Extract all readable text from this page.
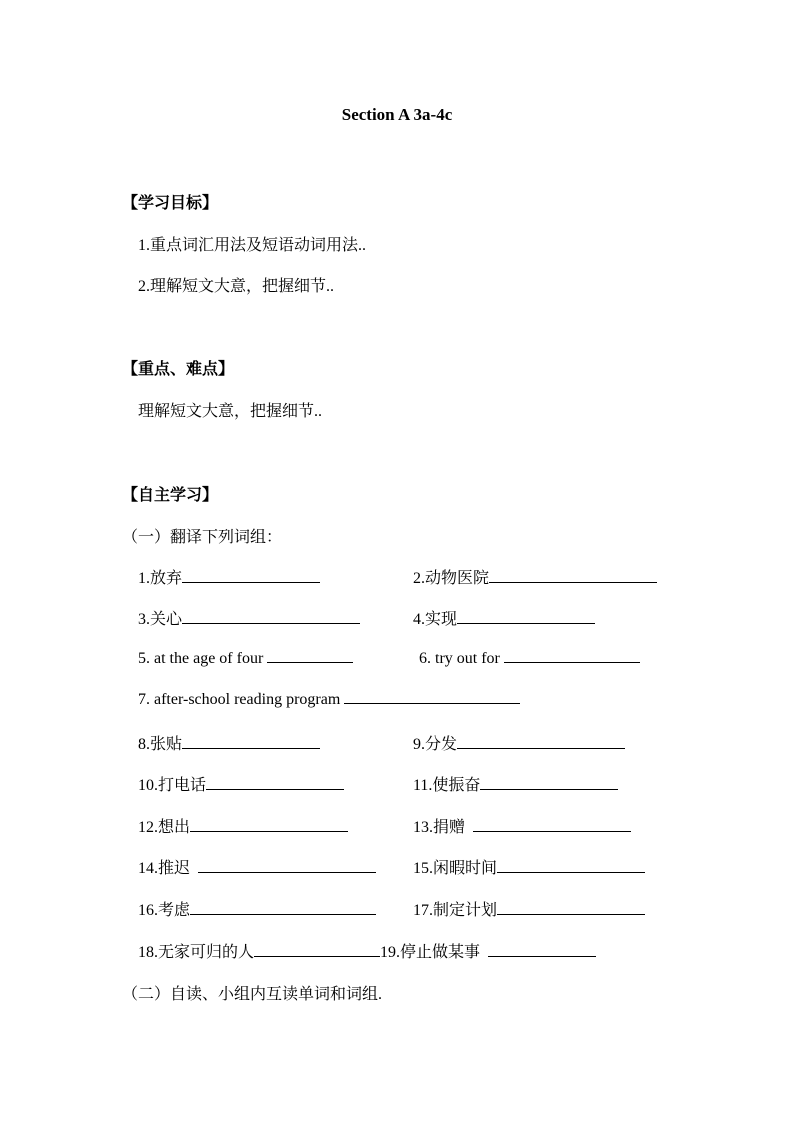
Section A 3a-4c
【学习目标】
1.重点词汇用法及短语动词用法..
2.理解短文大意，把握细节..
【重点、难点】
理解短文大意，把握细节..
【自主学习】
（一）翻译下列词组：
1.放弃	2.动物医院
3.关心	4.实现
5. at the age of four	6. try out for
7. after-school reading program
8.张贴	9.分发
10.打电话	11.使振奋
12.想出	13.捐赠
14.推迟	15.闲暇时间
16.考虑	17.制定计划
18.无家可归的人	19.停止做某事
（二）自读、小组内互读单词和词组.
